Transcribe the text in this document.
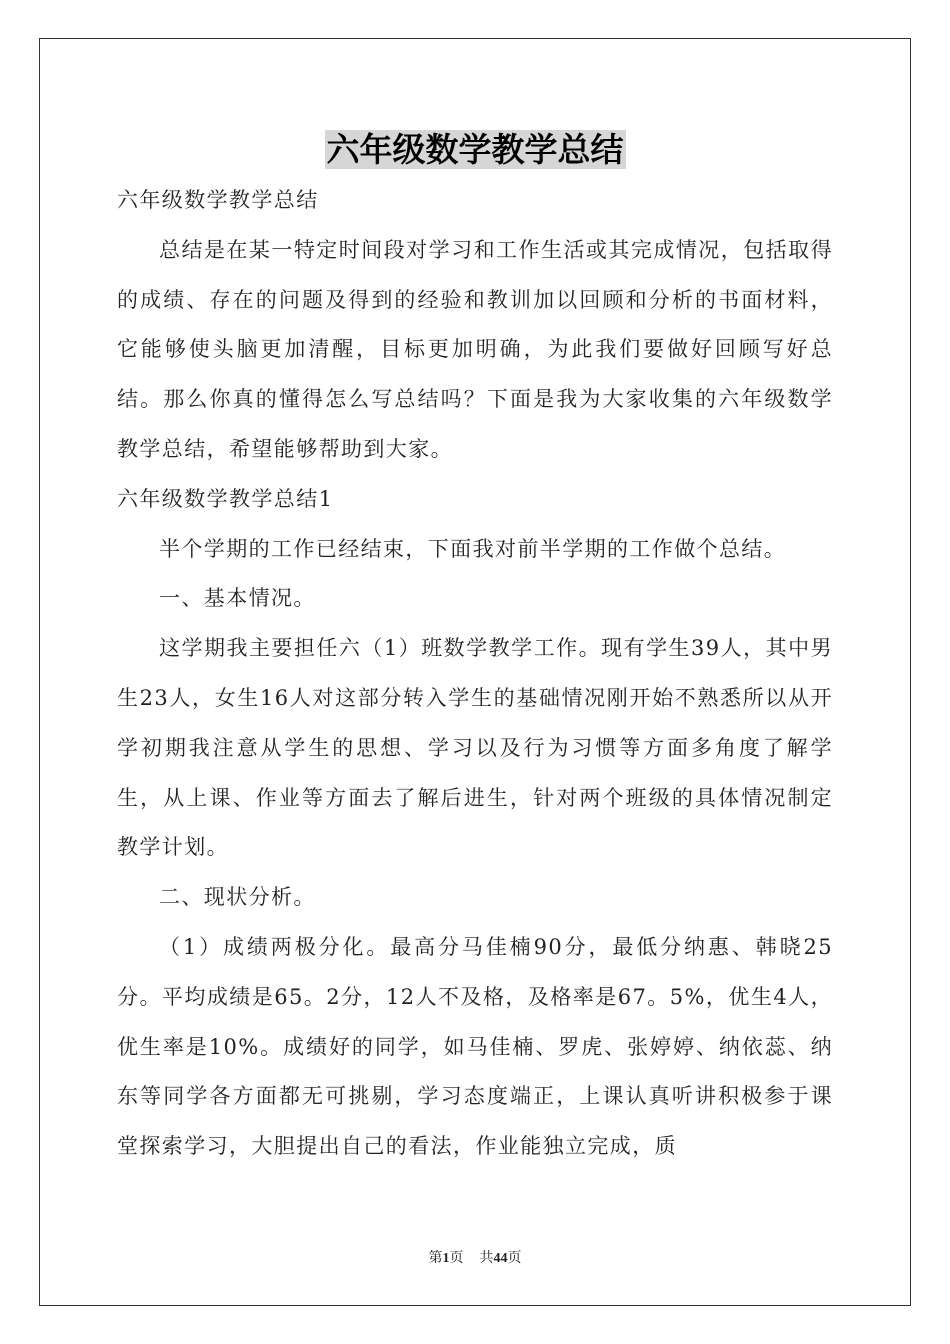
六年级数学教学总结

六年级数学教学总结

总结是在某一特定时间段对学习和工作生活或其完成情况，包括取得的成绩、存在的问题及得到的经验和教训加以回顾和分析的书面材料，它能够使头脑更加清醒，目标更加明确，为此我们要做好回顾写好总结。那么你真的懂得怎么写总结吗？下面是我为大家收集的六年级数学教学总结，希望能够帮助到大家。

六年级数学教学总结1

半个学期的工作已经结束，下面我对前半学期的工作做个总结。

一、基本情况。

这学期我主要担任六（1）班数学教学工作。现有学生39人，其中男生23人，女生16人对这部分转入学生的基础情况刚开始不熟悉所以从开学初期我注意从学生的思想、学习以及行为习惯等方面多角度了解学生，从上课、作业等方面去了解后进生，针对两个班级的具体情况制定教学计划。

二、现状分析。

（1）成绩两极分化。最高分马佳楠90分，最低分纳惠、韩晓25分。平均成绩是65。2分，12人不及格，及格率是67。5%，优生4人，优生率是10%。成绩好的同学，如马佳楠、罗虎、张婷婷、纳依蕊、纳东等同学各方面都无可挑剔，学习态度端正，上课认真听讲积极参于课堂探索学习，大胆提出自己的看法，作业能独立完成，质

第1页 共44页
